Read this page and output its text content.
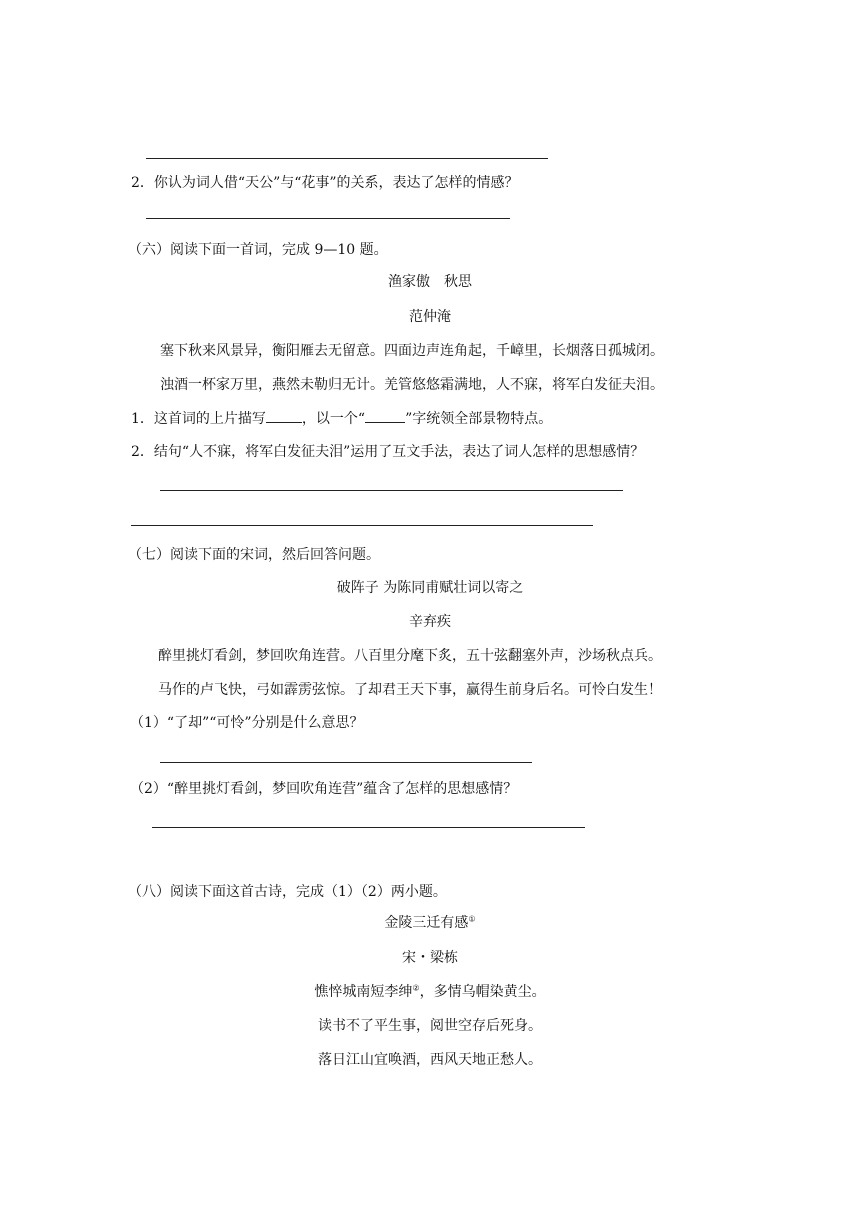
2．你认为词人借“天公”与“花事”的关系，表达了怎样的情感？
（六）阅读下面一首词，完成 9—10 题。
渔家傲　秋思
范仲淹
塞下秋来风景异，衡阳雁去无留意。四面边声连角起，千嶂里，长烟落日孤城闭。
浊酒一杯家万里，燕然未勒归无计。羌管悠悠霜满地，人不寐，将军白发征夫泪。
1．这首词的上片描写	，以一个“	”字统领全部景物特点。
2．结句“人不寐，将军白发征夫泪”运用了互文手法，表达了词人怎样的思想感情？
（七）阅读下面的宋词，然后回答问题。
破阵子 为陈同甫赋壮词以寄之
辛弃疾
醉里挑灯看剑，梦回吹角连营。八百里分麾下炙，五十弦翻塞外声，沙场秋点兵。
马作的卢飞快，弓如霹雳弦惊。了却君王天下事，赢得生前身后名。可怜白发生！
（1）“了却”“可怜”分别是什么意思？
（2）“醉里挑灯看剑，梦回吹角连营”蕴含了怎样的思想感情？
（八）阅读下面这首古诗，完成（1）（2）两小题。
金陵三迁有感①
宋・梁栋
憔悴城南短李绅②，多情乌帽染黄尘。
读书不了平生事，阅世空存后死身。
落日江山宜唤酒，西风天地正愁人。
